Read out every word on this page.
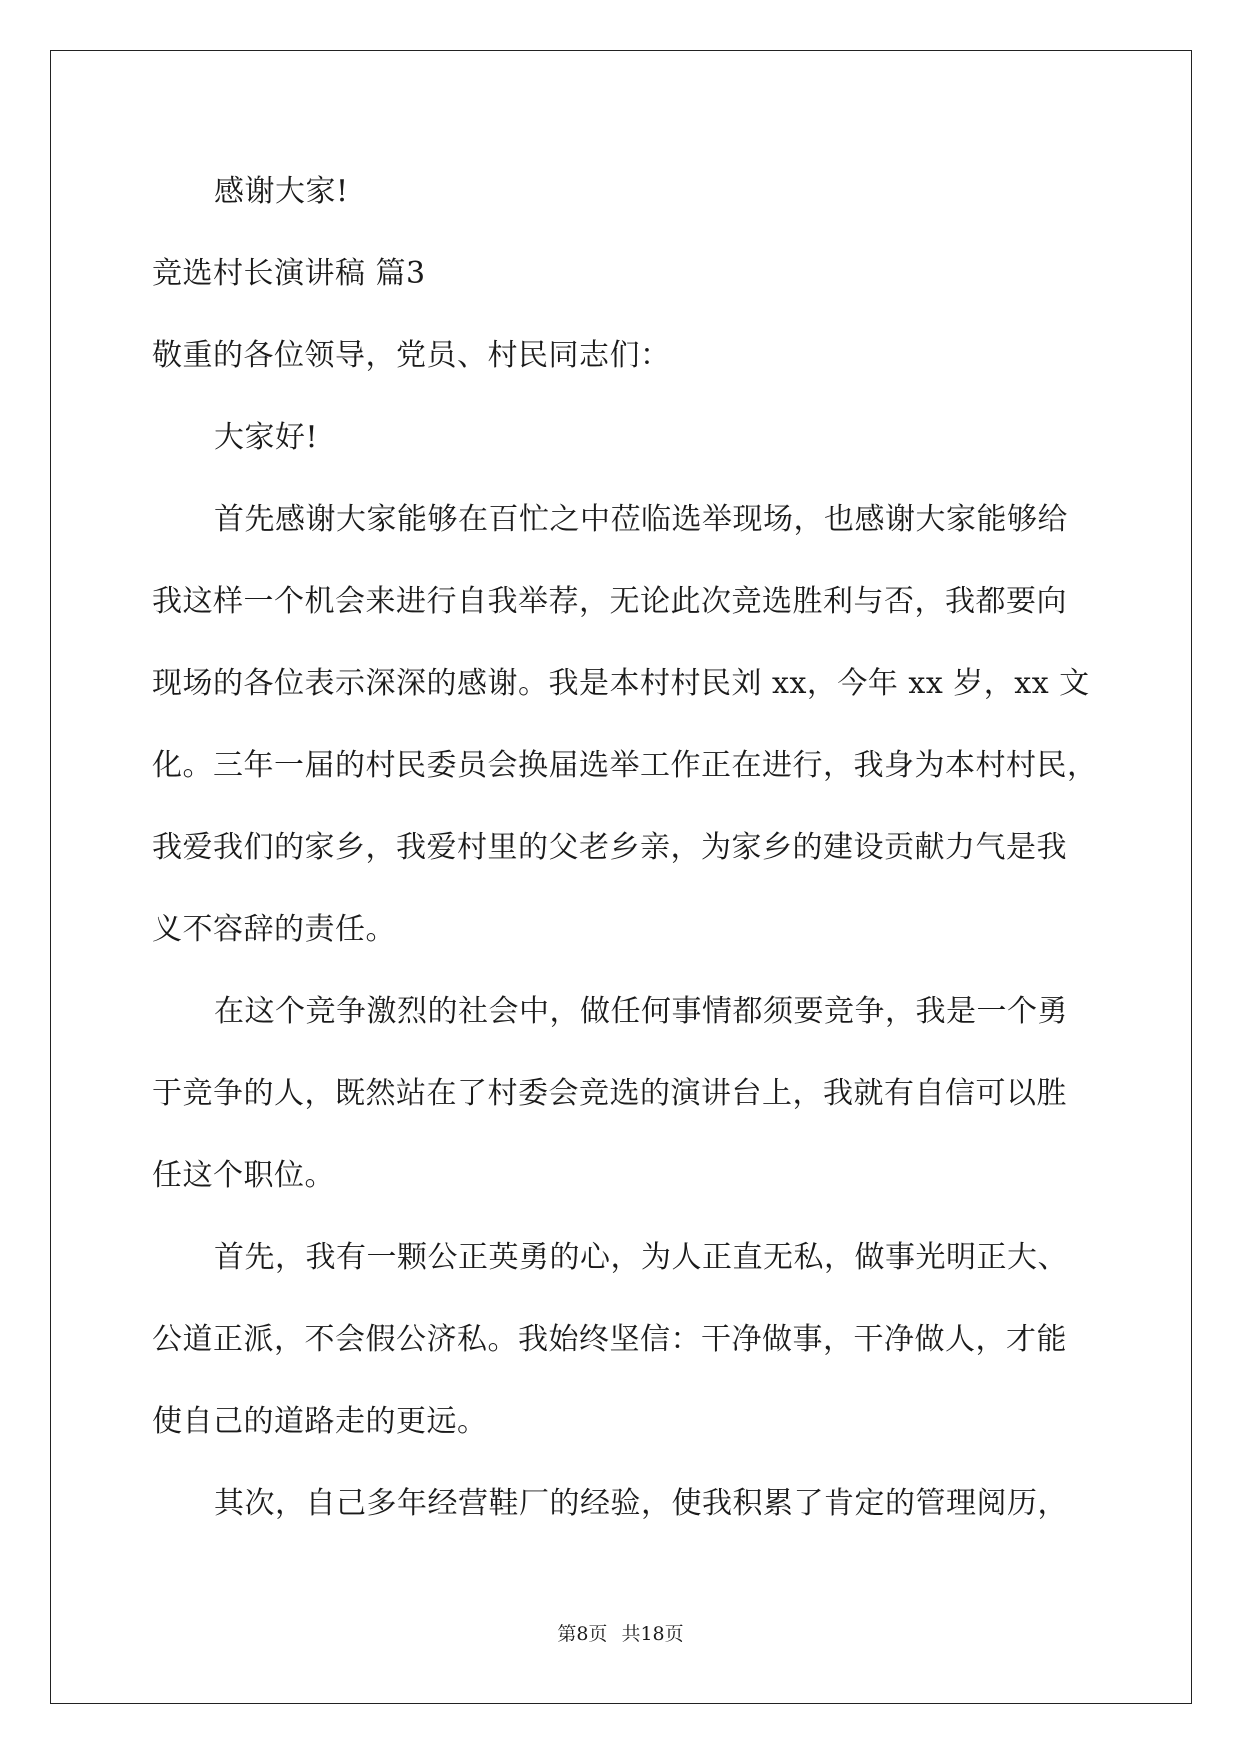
感谢大家!
竞选村长演讲稿 篇3
敬重的各位领导，党员、村民同志们：
大家好!
首先感谢大家能够在百忙之中莅临选举现场，也感谢大家能够给
我这样一个机会来进行自我举荐，无论此次竞选胜利与否，我都要向
现场的各位表示深深的感谢。我是本村村民刘 xx，今年 xx 岁，xx 文
化。三年一届的村民委员会换届选举工作正在进行，我身为本村村民，
我爱我们的家乡，我爱村里的父老乡亲，为家乡的建设贡献力气是我
义不容辞的责任。
在这个竞争激烈的社会中，做任何事情都须要竞争，我是一个勇
于竞争的人，既然站在了村委会竞选的演讲台上，我就有自信可以胜
任这个职位。
首先，我有一颗公正英勇的心，为人正直无私，做事光明正大、
公道正派，不会假公济私。我始终坚信：干净做事，干净做人，才能
使自己的道路走的更远。
其次，自己多年经营鞋厂的经验，使我积累了肯定的管理阅历，
第8页 共18页
